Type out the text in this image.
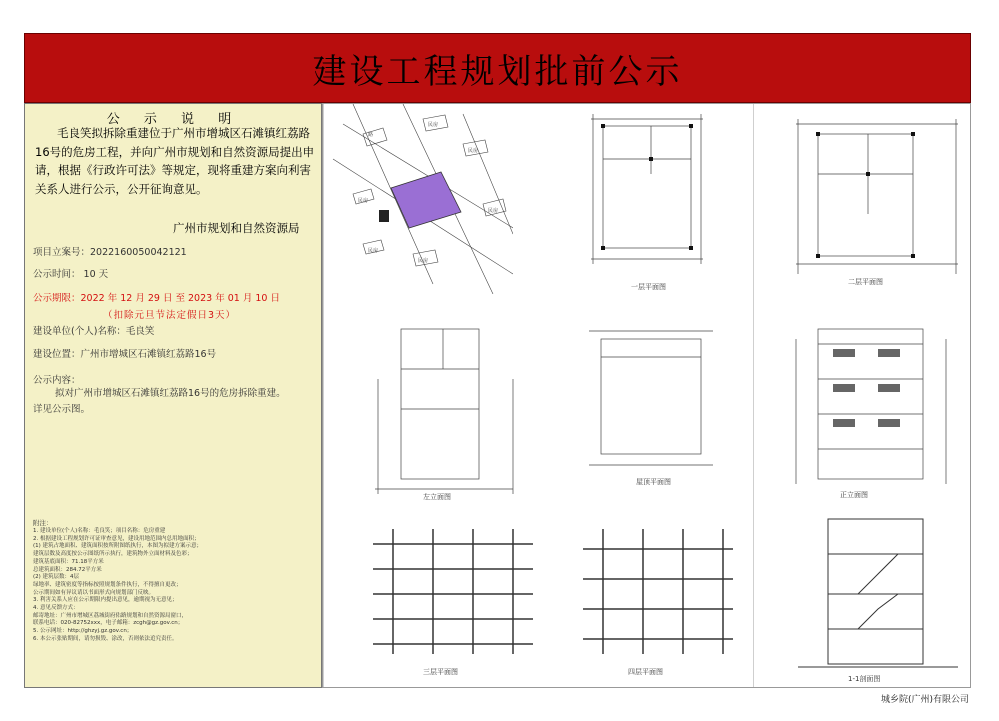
建设工程规划批前公示
公 示 说 明
毛良笑拟拆除重建位于广州市增城区石滩镇红荔路16号的危房工程，并向广州市规划和自然资源局提出申请，根据《行政许可法》等规定，现将重建方案向利害关系人进行公示，公开征询意见。
广州市规划和自然资源局
项目立案号：2022160050042121
公示时间： 10 天
公示期限：2022 年 12 月 29 日 至 2023 年 01 月 10 日
（扣除元旦节法定假日3天）
建设单位(个人)名称：毛良笑
建设位置：广州市增城区石滩镇红荔路16号
公示内容：
拟对广州市增城区石滩镇红荔路16号的危房拆除重建。
详见公示图。
附注：
1. 建设单位(个人)名称：毛良笑；项目名称：危房重建
2. 根据建设工程规划许可证审查意见，建设用地范围内总用地面积；
(1) 建筑占地面积、建筑面积按所附图纸执行，本图为拟建方案示意；
建筑层数及高度按公示图纸所示执行，建筑物外立面材料及色彩；
建筑基底面积：71.18平方米
总建筑面积：284.72平方米
(2) 建筑层数：4层
绿地率、建筑密度等指标按照规划条件执行，不得擅自更改；
公示期间如有异议请以书面形式向规划部门反映。
3. 利害关系人应在公示期限内提出意见，逾期视为无意见；
4. 意见反馈方式：
邮寄地址：广州市增城区荔城街府佑路规划和自然资源局窗口，
联系电话：020-82752xxx，电子邮箱：zcgh@gz.gov.cn；
5. 公示网址：http://ghzyj.gz.gov.cn；
6. 本公示张贴期间，请勿损毁、涂改，否则依法追究责任。
路
民房
民房
民房
民房
民房
民房
一层平面图
二层平面图
左立面图
屋顶平面图
正立面图
三层平面图	四层平面图
1-1剖面图
城乡院(广州)有限公司
